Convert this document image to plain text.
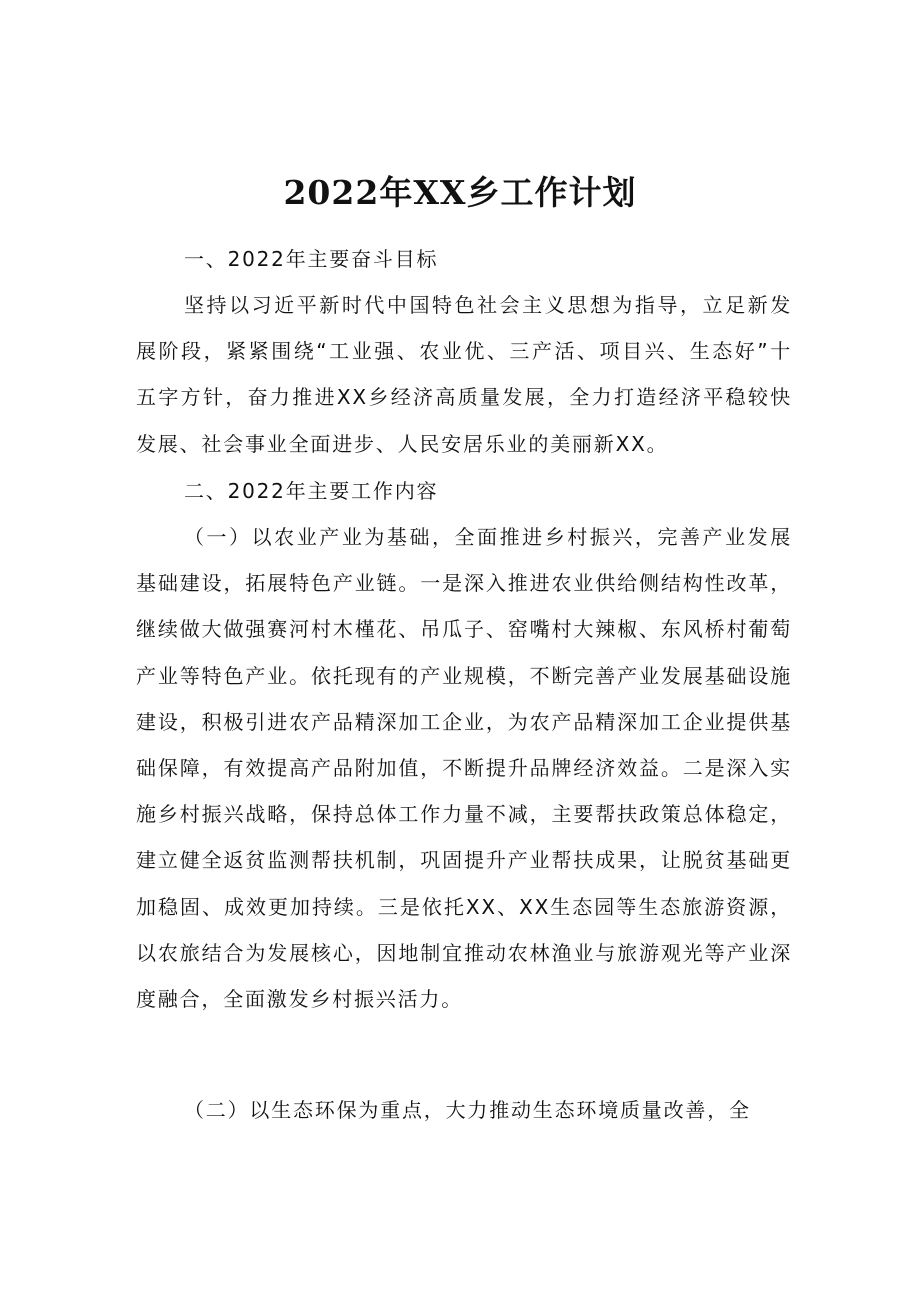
2022年XX乡工作计划

一、2022年主要奋斗目标

坚持以习近平新时代中国特色社会主义思想为指导，立足新发展阶段，紧紧围绕“工业强、农业优、三产活、项目兴、生态好”十五字方针，奋力推进XX乡经济高质量发展，全力打造经济平稳较快发展、社会事业全面进步、人民安居乐业的美丽新XX。

二、2022年主要工作内容

（一）以农业产业为基础，全面推进乡村振兴，完善产业发展基础建设，拓展特色产业链。一是深入推进农业供给侧结构性改革，继续做大做强赛河村木槿花、吊瓜子、窑嘴村大辣椒、东风桥村葡萄产业等特色产业。依托现有的产业规模，不断完善产业发展基础设施建设，积极引进农产品精深加工企业，为农产品精深加工企业提供基础保障，有效提高产品附加值，不断提升品牌经济效益。二是深入实施乡村振兴战略，保持总体工作力量不减，主要帮扶政策总体稳定，建立健全返贫监测帮扶机制，巩固提升产业帮扶成果，让脱贫基础更加稳固、成效更加持续。三是依托XX、XX生态园等生态旅游资源，以农旅结合为发展核心，因地制宜推动农林渔业与旅游观光等产业深度融合，全面激发乡村振兴活力。

（二）以生态环保为重点，大力推动生态环境质量改善，全
